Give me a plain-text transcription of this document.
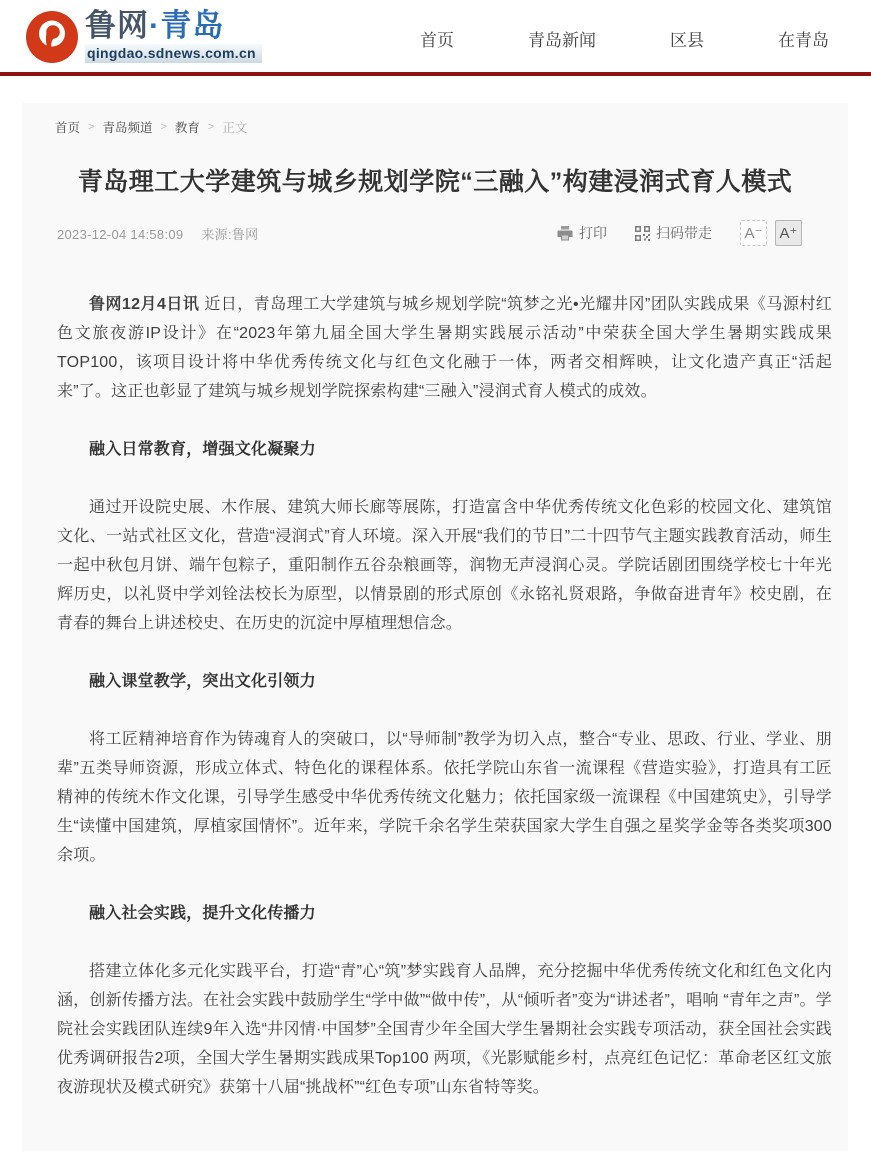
鲁网·青岛
qingdao.sdnews.com.cn
首页	青岛新闻	区县	在青岛
首页 > 青岛频道 > 教育 > 正文
青岛理工大学建筑与城乡规划学院“三融入”构建浸润式育人模式
2023-12-04 14:58:09 来源:鲁网	打印	扫码带走	A⁻	A⁺

鲁网12月4日讯 近日，青岛理工大学建筑与城乡规划学院“筑梦之光•光耀井冈”团队实践成果《马源村红色文旅夜游IP设计》在“2023年第九届全国大学生暑期实践展示活动”中荣获全国大学生暑期实践成果TOP100，该项目设计将中华优秀传统文化与红色文化融于一体，两者交相辉映，让文化遗产真正“活起来”了。这正也彰显了建筑与城乡规划学院探索构建“三融入”浸润式育人模式的成效。

融入日常教育，增强文化凝聚力

通过开设院史展、木作展、建筑大师长廊等展陈，打造富含中华优秀传统文化色彩的校园文化、建筑馆文化、一站式社区文化，营造“浸润式”育人环境。深入开展“我们的节日”二十四节气主题实践教育活动，师生一起中秋包月饼、端午包粽子，重阳制作五谷杂粮画等，润物无声浸润心灵。学院话剧团围绕学校七十年光辉历史，以礼贤中学刘铨法校长为原型，以情景剧的形式原创《永铭礼贤艰路，争做奋进青年》校史剧，在青春的舞台上讲述校史、在历史的沉淀中厚植理想信念。

融入课堂教学，突出文化引领力

将工匠精神培育作为铸魂育人的突破口，以“导师制”教学为切入点，整合“专业、思政、行业、学业、朋辈”五类导师资源，形成立体式、特色化的课程体系。依托学院山东省一流课程《营造实验》，打造具有工匠精神的传统木作文化课，引导学生感受中华优秀传统文化魅力；依托国家级一流课程《中国建筑史》，引导学生“读懂中国建筑，厚植家国情怀”。近年来，学院千余名学生荣获国家大学生自强之星奖学金等各类奖项300余项。

融入社会实践，提升文化传播力

搭建立体化多元化实践平台，打造“青”心“筑”梦实践育人品牌，充分挖掘中华优秀传统文化和红色文化内涵，创新传播方法。在社会实践中鼓励学生“学中做”“做中传”，从“倾听者”变为“讲述者”，唱响 “青年之声”。学院社会实践团队连续9年入选“井冈情·中国梦”全国青少年全国大学生暑期社会实践专项活动，获全国社会实践优秀调研报告2项，全国大学生暑期实践成果Top100 两项，《光影赋能乡村，点亮红色记忆：革命老区红文旅夜游现状及模式研究》获第十八届“挑战杯”“红色专项”山东省特等奖。
